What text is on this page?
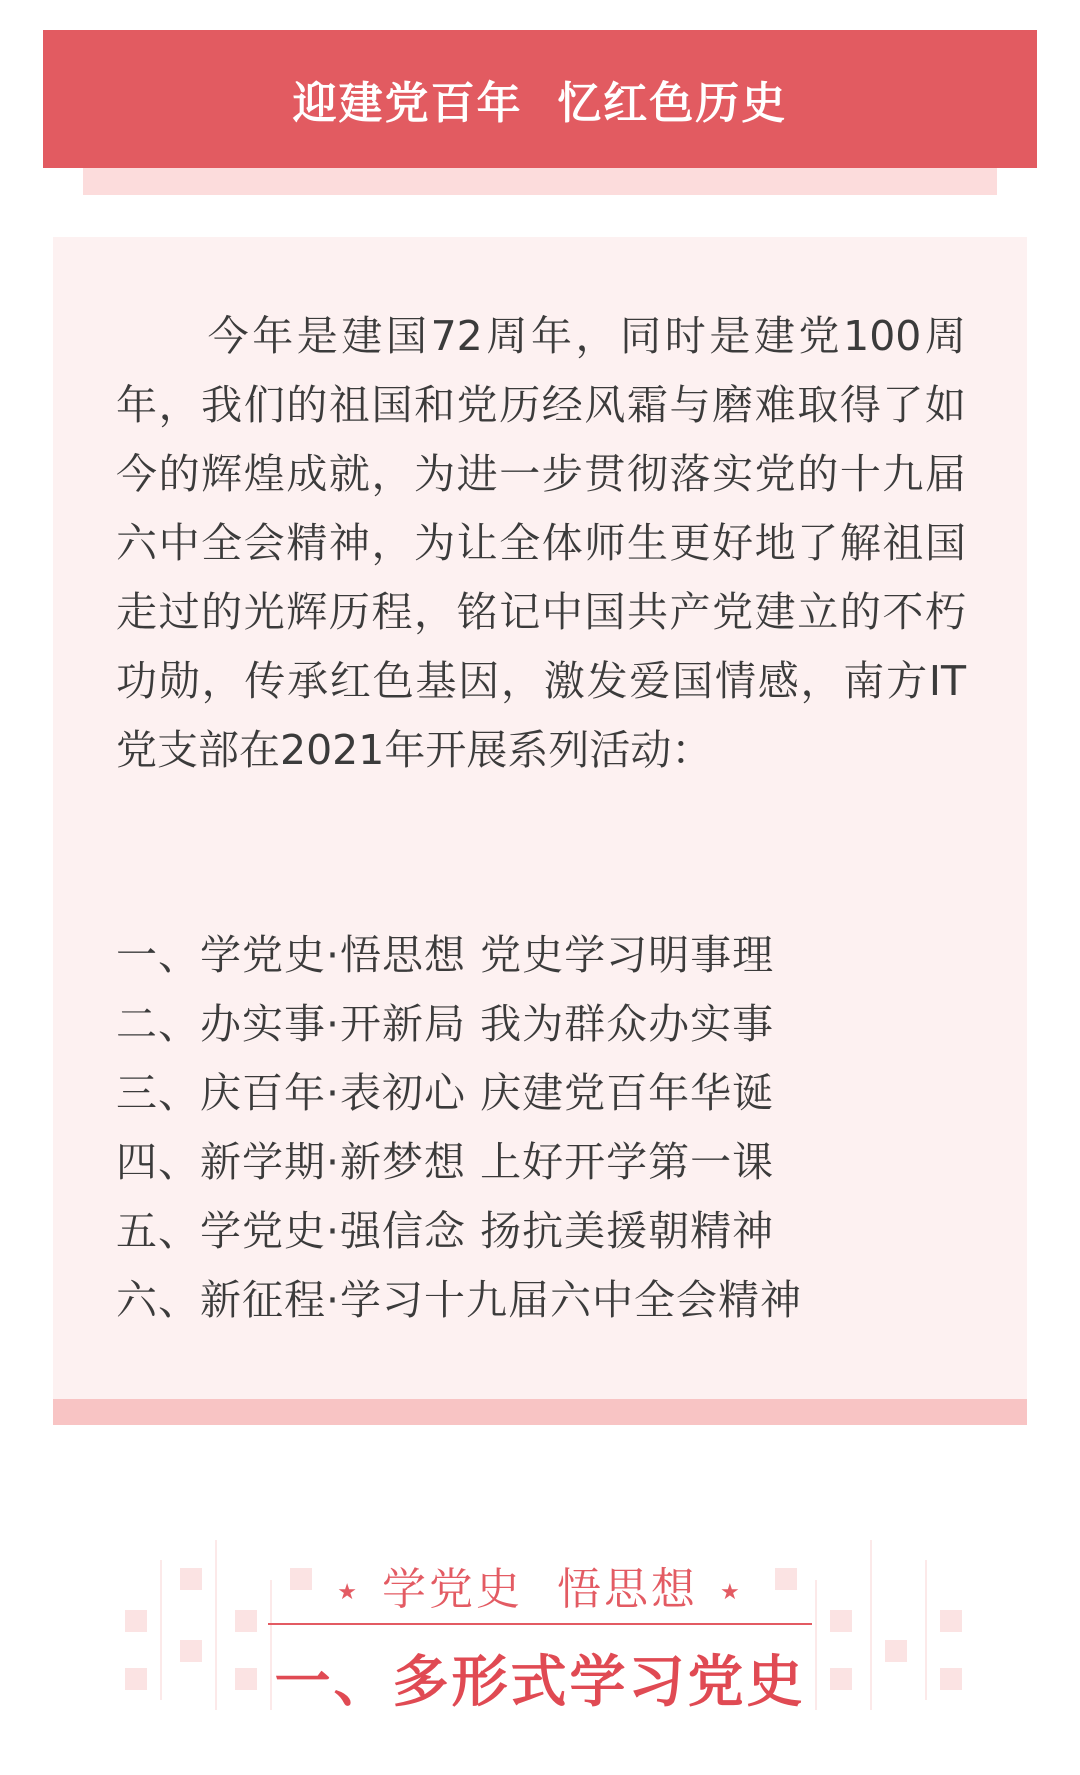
迎建党百年  忆红色历史

今年是建国72周年，同时是建党100周年，我们的祖国和党历经风霜与磨难取得了如今的辉煌成就，为进一步贯彻落实党的十九届六中全会精神，为让全体师生更好地了解祖国走过的光辉历程，铭记中国共产党建立的不朽功勋，传承红色基因，激发爱国情感，南方IT党支部在2021年开展系列活动：

一、学党史·悟思想 党史学习明事理
二、办实事·开新局 我为群众办实事
三、庆百年·表初心 庆建党百年华诞
四、新学期·新梦想 上好开学第一课
五、学党史·强信念 扬抗美援朝精神
六、新征程·学习十九届六中全会精神
★ 学党史  悟思想 ★
一、多形式学习党史
